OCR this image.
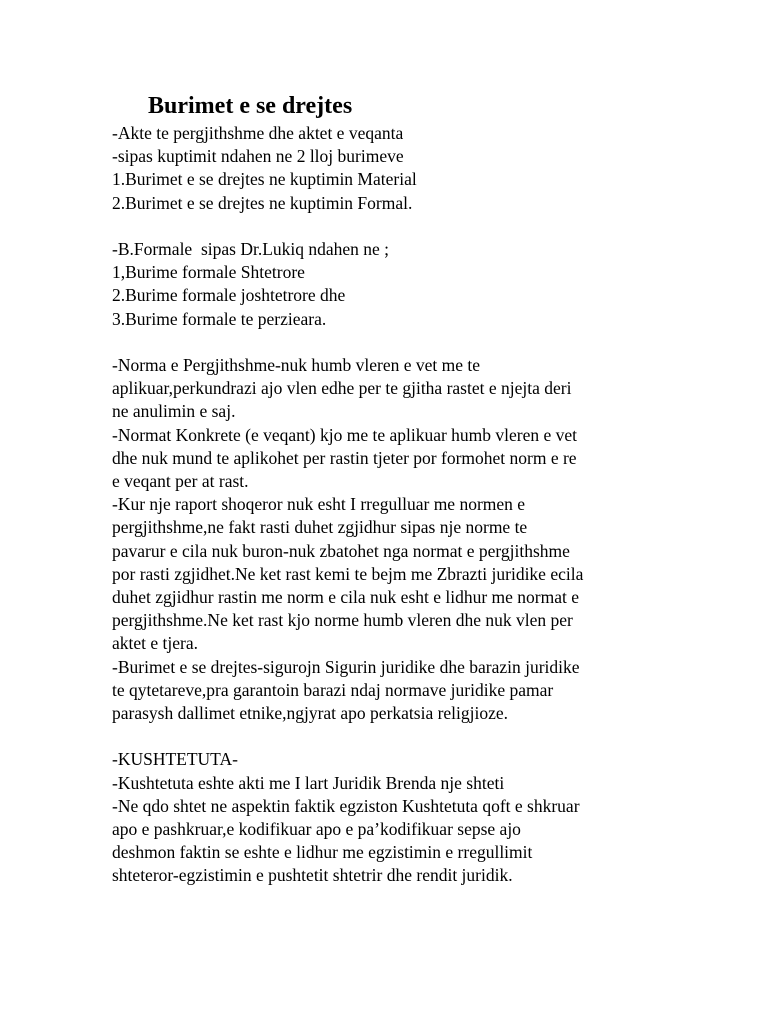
Burimet e se drejtes
-Akte te pergjithshme dhe aktet e veqanta
-sipas kuptimit ndahen ne 2 lloj burimeve
1.Burimet e se drejtes ne kuptimin Material
2.Burimet e se drejtes ne kuptimin Formal.
-B.Formale  sipas Dr.Lukiq ndahen ne ;
1,Burime formale Shtetrore
2.Burime formale joshtetrore dhe
3.Burime formale te perzieara.
-Norma e Pergjithshme-nuk humb vleren e vet me te
aplikuar,perkundrazi ajo vlen edhe per te gjitha rastet e njejta deri
ne anulimin e saj.
-Normat Konkrete (e veqant) kjo me te aplikuar humb vleren e vet
dhe nuk mund te aplikohet per rastin tjeter por formohet norm e re
e veqant per at rast.
-Kur nje raport shoqeror nuk esht I rregulluar me normen e
pergjithshme,ne fakt rasti duhet zgjidhur sipas nje norme te
pavarur e cila nuk buron-nuk zbatohet nga normat e pergjithshme
por rasti zgjidhet.Ne ket rast kemi te bejm me Zbrazti juridike ecila
duhet zgjidhur rastin me norm e cila nuk esht e lidhur me normat e
pergjithshme.Ne ket rast kjo norme humb vleren dhe nuk vlen per
aktet e tjera.
-Burimet e se drejtes-sigurojn Sigurin juridike dhe barazin juridike
te qytetareve,pra garantoin barazi ndaj normave juridike pamar
parasysh dallimet etnike,ngjyrat apo perkatsia religjioze.
-KUSHTETUTA-
-Kushtetuta eshte akti me I lart Juridik Brenda nje shteti
-Ne qdo shtet ne aspektin faktik egziston Kushtetuta qoft e shkruar
apo e pashkruar,e kodifikuar apo e pa’kodifikuar sepse ajo
deshmon faktin se eshte e lidhur me egzistimin e rregullimit
shteteror-egzistimin e pushtetit shtetrir dhe rendit juridik.
